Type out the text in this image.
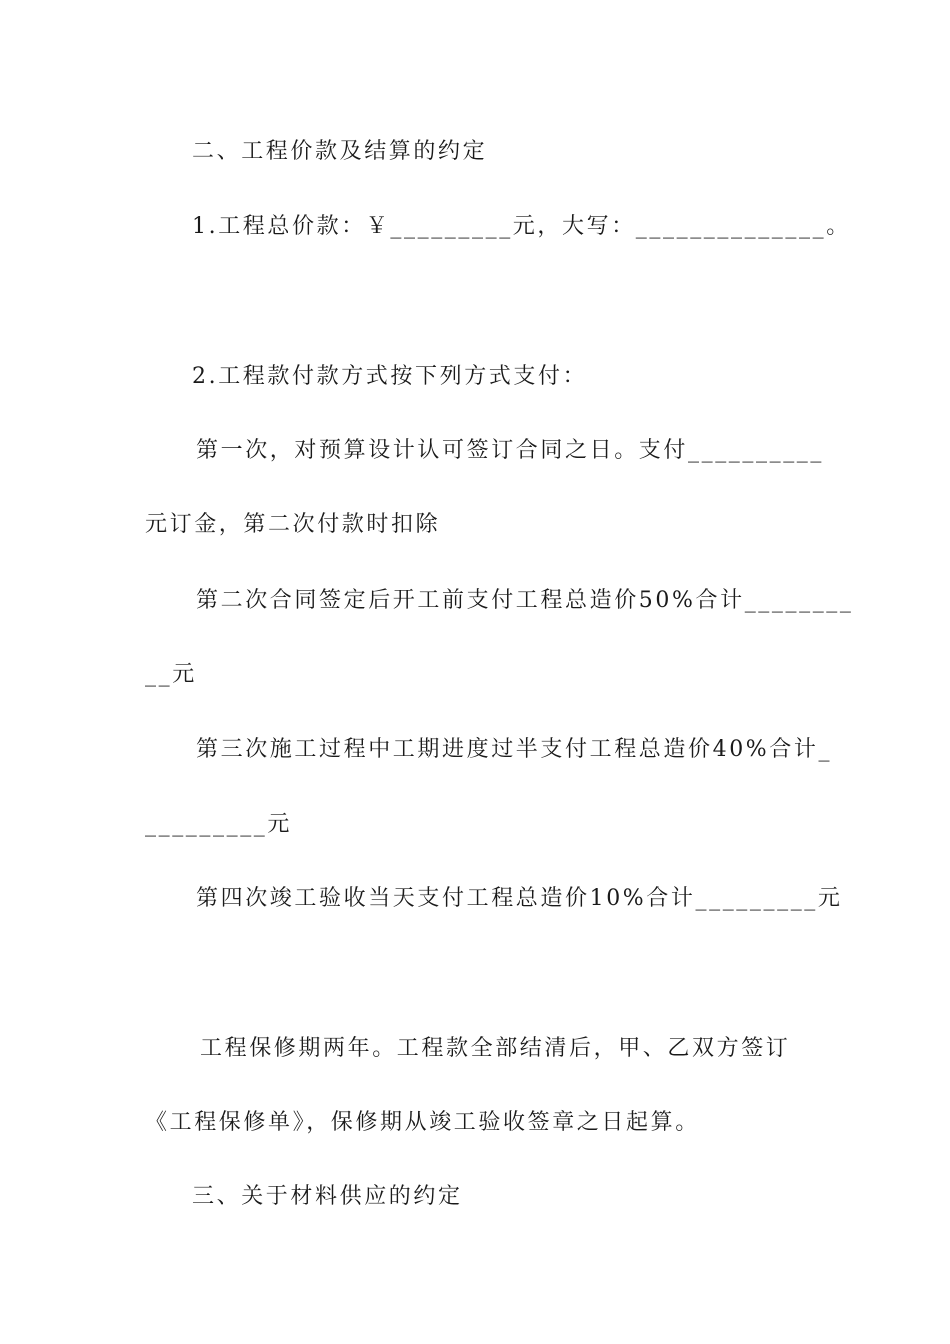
二、工程价款及结算的约定
1.工程总价款：￥_________元，大写：______________。
2.工程款付款方式按下列方式支付：
第一次，对预算设计认可签订合同之日。支付__________
元订金，第二次付款时扣除
第二次合同签定后开工前支付工程总造价50%合计________
__元
第三次施工过程中工期进度过半支付工程总造价40%合计_
_________元
第四次竣工验收当天支付工程总造价10%合计_________元
工程保修期两年。工程款全部结清后，甲、乙双方签订
《工程保修单》，保修期从竣工验收签章之日起算。
三、关于材料供应的约定
